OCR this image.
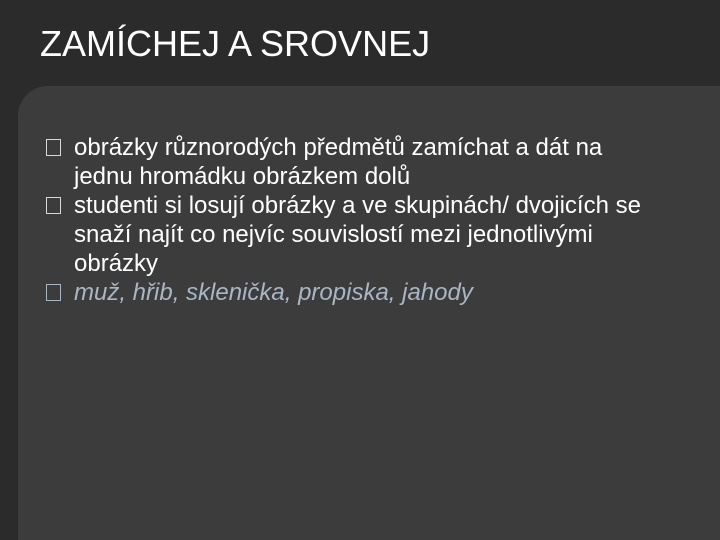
ZAMÍCHEJ A SROVNEJ
obrázky různorodých předmětů zamíchat a dát na jednu hromádku obrázkem dolů
studenti si losují obrázky a ve skupinách/ dvojicích se snaží najít co nejvíc souvislostí mezi jednotlivými obrázky
muž, hřib, sklenička, propiska, jahody
